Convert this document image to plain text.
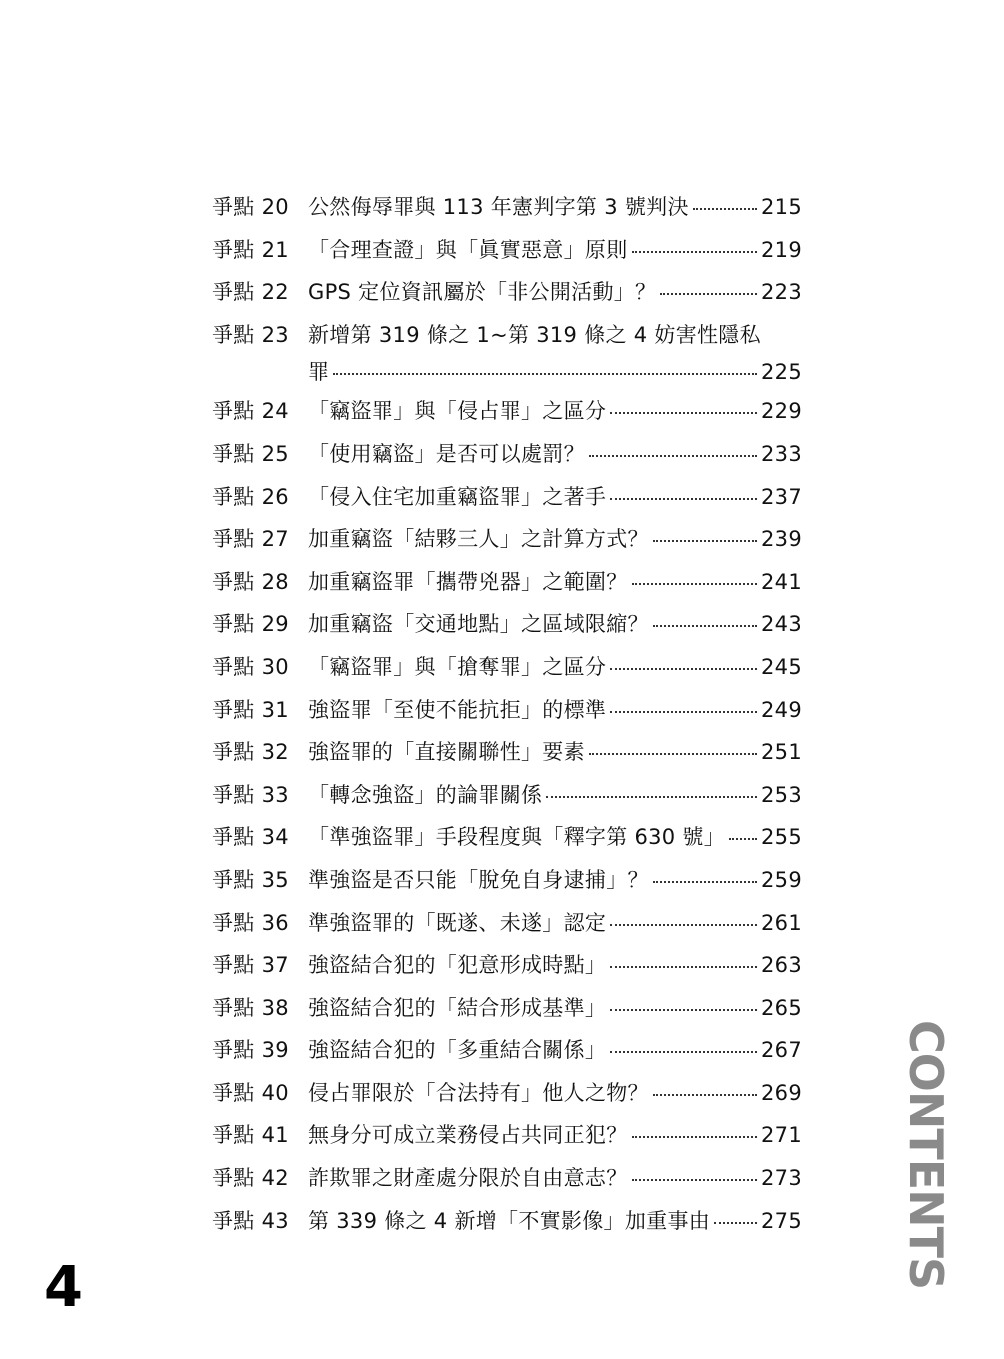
爭點 20 公然侮辱罪與 113 年憲判字第 3 號判決	215
爭點 21 「合理查證」與「眞實惡意」原則	219
爭點 22 GPS 定位資訊屬於「非公開活動」？	223
爭點 23 新增第 319 條之 1~第 319 條之 4 妨害性隱私
罪	225
爭點 24 「竊盜罪」與「侵占罪」之區分	229
爭點 25 「使用竊盜」是否可以處罰？	233
爭點 26 「侵入住宅加重竊盜罪」之著手	237
爭點 27 加重竊盜「結夥三人」之計算方式？	239
爭點 28 加重竊盜罪「攜帶兇器」之範圍？	241
爭點 29 加重竊盜「交通地點」之區域限縮？	243
爭點 30 「竊盜罪」與「搶奪罪」之區分	245
爭點 31 強盜罪「至使不能抗拒」的標準	249
爭點 32 強盜罪的「直接關聯性」要素	251
爭點 33 「轉念強盜」的論罪關係	253
爭點 34 「準強盜罪」手段程度與「釋字第 630 號」 255
爭點 35 準強盜是否只能「脫免自身逮捕」？	259
爭點 36 準強盜罪的「既遂、未遂」認定	261
爭點 37 強盜結合犯的「犯意形成時點」	263
爭點 38 強盜結合犯的「結合形成基準」	265
爭點 39 強盜結合犯的「多重結合關係」	267
爭點 40 侵占罪限於「合法持有」他人之物？	269
爭點 41 無身分可成立業務侵占共同正犯？	271
爭點 42 詐欺罪之財產處分限於自由意志？	273
爭點 43 第 339 條之 4 新增「不實影像」加重事由 275 CONTENTS
4
